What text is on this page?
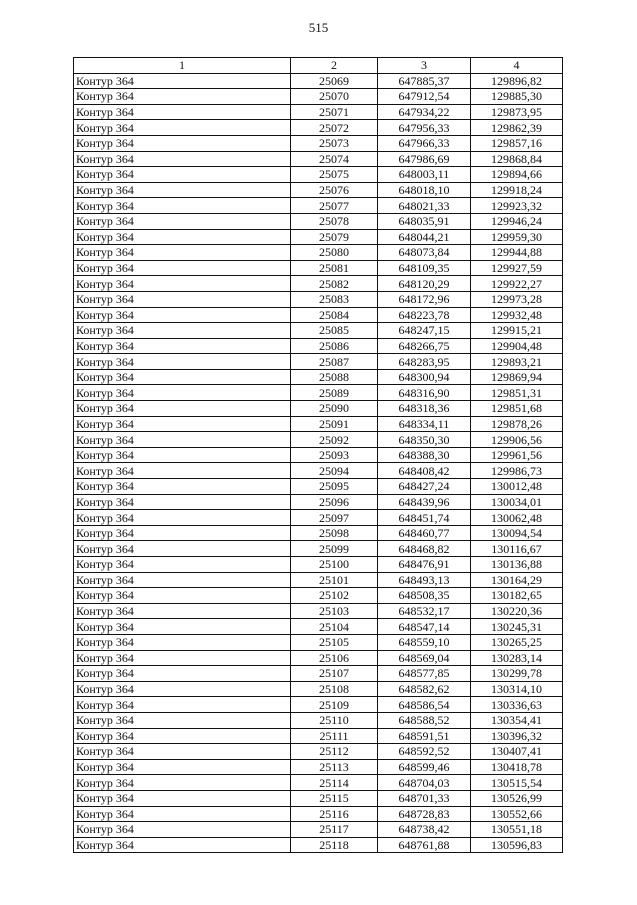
515
1	2	3	4
Контур 364	25069	647885,37	129896,82
Контур 364	25070	647912,54	129885,30
Контур 364	25071	647934,22	129873,95
Контур 364	25072	647956,33	129862,39
Контур 364	25073	647966,33	129857,16
Контур 364	25074	647986,69	129868,84
Контур 364	25075	648003,11	129894,66
Контур 364	25076	648018,10	129918,24
Контур 364	25077	648021,33	129923,32
Контур 364	25078	648035,91	129946,24
Контур 364	25079	648044,21	129959,30
Контур 364	25080	648073,84	129944,88
Контур 364	25081	648109,35	129927,59
Контур 364	25082	648120,29	129922,27
Контур 364	25083	648172,96	129973,28
Контур 364	25084	648223,78	129932,48
Контур 364	25085	648247,15	129915,21
Контур 364	25086	648266,75	129904,48
Контур 364	25087	648283,95	129893,21
Контур 364	25088	648300,94	129869,94
Контур 364	25089	648316,90	129851,31
Контур 364	25090	648318,36	129851,68
Контур 364	25091	648334,11	129878,26
Контур 364	25092	648350,30	129906,56
Контур 364	25093	648388,30	129961,56
Контур 364	25094	648408,42	129986,73
Контур 364	25095	648427,24	130012,48
Контур 364	25096	648439,96	130034,01
Контур 364	25097	648451,74	130062,48
Контур 364	25098	648460,77	130094,54
Контур 364	25099	648468,82	130116,67
Контур 364	25100	648476,91	130136,88
Контур 364	25101	648493,13	130164,29
Контур 364	25102	648508,35	130182,65
Контур 364	25103	648532,17	130220,36
Контур 364	25104	648547,14	130245,31
Контур 364	25105	648559,10	130265,25
Контур 364	25106	648569,04	130283,14
Контур 364	25107	648577,85	130299,78
Контур 364	25108	648582,62	130314,10
Контур 364	25109	648586,54	130336,63
Контур 364	25110	648588,52	130354,41
Контур 364	25111	648591,51	130396,32
Контур 364	25112	648592,52	130407,41
Контур 364	25113	648599,46	130418,78
Контур 364	25114	648704,03	130515,54
Контур 364	25115	648701,33	130526,99
Контур 364	25116	648728,83	130552,66
Контур 364	25117	648738,42	130551,18
Контур 364	25118	648761,88	130596,83
